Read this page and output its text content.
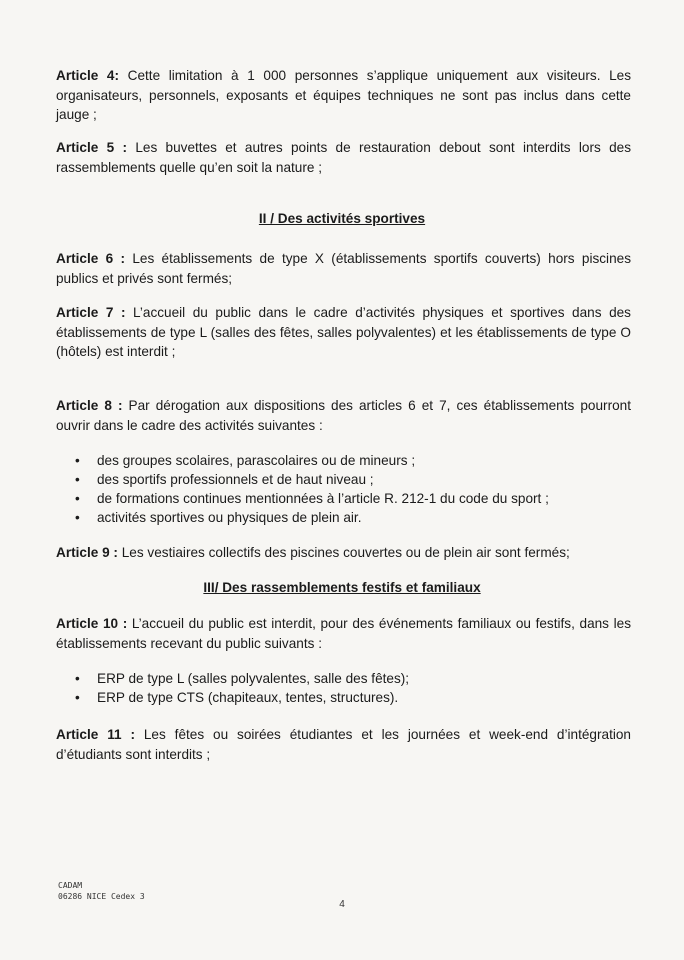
Article 4: Cette limitation à 1 000 personnes s’applique uniquement aux visiteurs. Les organisateurs, personnels, exposants et équipes techniques ne sont pas inclus dans cette jauge ;

Article 5 : Les buvettes et autres points de restauration debout sont interdits lors des rassemblements quelle qu’en soit la nature ;

II / Des activités sportives

Article 6 : Les établissements de type X (établissements sportifs couverts) hors piscines publics et privés sont fermés;

Article 7 : L’accueil du public dans le cadre d’activités physiques et sportives dans des établissements de type L (salles des fêtes, salles polyvalentes) et les établissements de type O (hôtels) est interdit ;

Article 8 : Par dérogation aux dispositions des articles 6 et 7, ces établissements pourront ouvrir dans le cadre des activités suivantes :

• des groupes scolaires, parascolaires ou de mineurs ;
• des sportifs professionnels et de haut niveau ;
• de formations continues mentionnées à l’article R. 212-1 du code du sport ;
• activités sportives ou physiques de plein air.

Article 9 : Les vestiaires collectifs des piscines couvertes ou de plein air sont fermés;

III/ Des rassemblements festifs et familiaux

Article 10 : L’accueil du public est interdit, pour des événements familiaux ou festifs, dans les établissements recevant du public suivants :

• ERP de type L (salles polyvalentes, salle des fêtes);
• ERP de type CTS (chapiteaux, tentes, structures).

Article 11 : Les fêtes ou soirées étudiantes et les journées et week-end d’intégration d’étudiants sont interdits ;

CADAM
06286 NICE Cedex 3
4
